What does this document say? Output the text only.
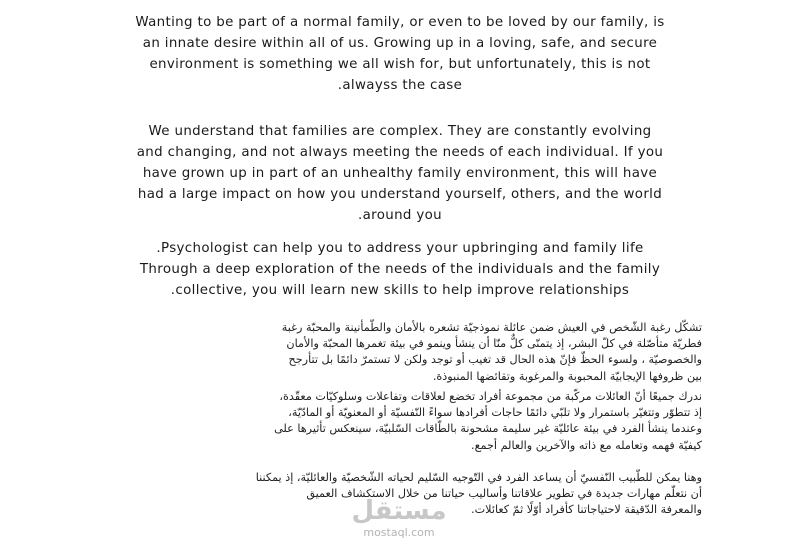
Wanting to be part of a normal family, or even to be loved by our family, is
an innate desire within all of us. Growing up in a loving, safe, and secure
environment is something we all wish for, but unfortunately, this is not
alwayss the case.
We understand that families are complex. They are constantly evolving
and changing, and not always meeting the needs of each individual. If you
have grown up in part of an unhealthy family environment, this will have
had a large impact on how you understand yourself, others, and the world
around you.
Psychologist can help you to address your upbringing and family life.
Through a deep exploration of the needs of the individuals and the family
collective, you will learn new skills to help improve relationships.
تشكّل رغبة الشّخص في العيش ضمن عائلة نموذجيّة تشعره بالأمان والطّمأنينة والمحبّة رغبة
فطريّة متأصّلة في كلّ البشر، إذ يتمنّى كلٌّ منّا أن ينشأ وينمو في بيئة تغمرها المحبّة والأمان
والخصوصيّة ، ولسوء الحظّ فإنّ هذه الحال قد تغيب أو توجد ولكن لا تستمرّ دائمًا بل تتأرجح
بين ظروفها الإيجابيّة المحبوبة والمرغوبة وتقائضها المنبوذة.
ندرك جميعًا أنّ العائلات مركّبة من مجموعة أفراد تخضع لعلاقات وتفاعلات وسلوكيّات معقّدة،
إذ تتطوّر وتتغيّر باستمرار ولا تلبّي دائمًا حاجات أفرادها سواءً النّفسيّة أو المعنويّة أو المادّيّة،
وعندما ينشأ الفرد في بيئة عائليّة غير سليمة مشحونة بالطّاقات السّلبيّة، سينعكس تأثيرها على
كيفيّة فهمه وتعامله مع ذاته والآخرين والعالم أجمع.
وهنا يمكن للطّبيب النّفسيّ أن يساعد الفرد في التّوجيه السّليم لحياته الشّخصيّة والعائليّة، إذ يمكننا
أن نتعلّم مهارات جديدة في تطوير علاقاتنا وأساليب حياتنا من خلال الاستكشاف العميق
والمعرفة الدّقيقة لاحتياجاتنا كأفراد أوّلًا ثمّ كعائلات.
مستقل
mostaql.com
